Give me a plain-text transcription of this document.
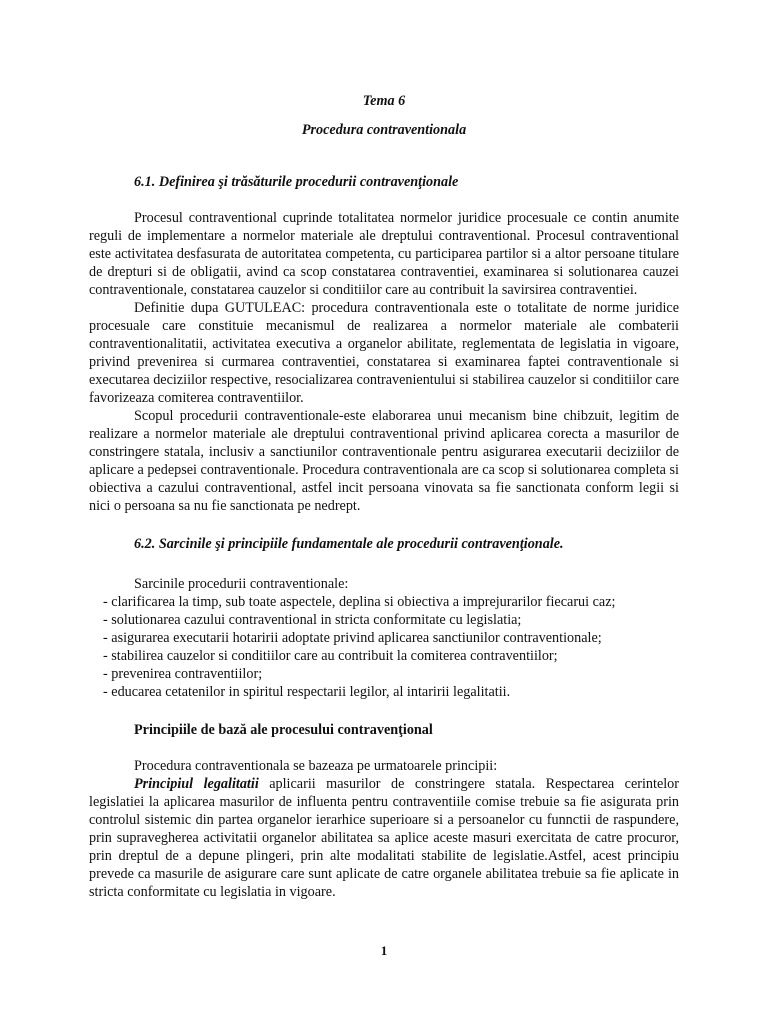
Tema 6

Procedura contraventionala

6.1. Definirea şi trăsăturile procedurii contravenţionale

Procesul contraventional cuprinde totalitatea normelor juridice procesuale ce contin anumite reguli de implementare a normelor materiale ale dreptului contraventional. Procesul contraventional este activitatea desfasurata de autoritatea competenta, cu participarea partilor si a altor persoane titulare de drepturi si de obligatii, avind ca scop constatarea contraventiei, examinarea si solutionarea cauzei contraventionale, constatarea cauzelor si conditiilor care au contribuit la savirsirea contraventiei.

Definitie dupa GUTULEAC: procedura contraventionala este o totalitate de norme juridice procesuale care constituie mecanismul de realizarea a normelor materiale ale combaterii contraventionalitatii, activitatea executiva a organelor abilitate, reglementata de legislatia in vigoare, privind prevenirea si curmarea contraventiei, constatarea si examinarea faptei contraventionale si executarea deciziilor respective, resocializarea contravenientului si stabilirea cauzelor si conditiilor care favorizeaza comiterea contraventiilor.

Scopul procedurii contraventionale-este elaborarea unui mecanism bine chibzuit, legitim de realizare a normelor materiale ale dreptului contraventional privind aplicarea corecta a masurilor de constringere statala, inclusiv a sanctiunilor contraventionale pentru asigurarea executarii deciziilor de aplicare a pedepsei contraventionale. Procedura contraventionala are ca scop si solutionarea completa si obiectiva a cazului contraventional, astfel incit persoana vinovata sa fie sanctionata conform legii si nici o persoana sa nu fie sanctionata pe nedrept.

6.2. Sarcinile şi principiile fundamentale ale procedurii contravenţionale.

Sarcinile procedurii contraventionale:

- clarificarea la timp, sub toate aspectele, deplina si obiectiva a imprejurarilor fiecarui caz;
- solutionarea cazului contraventional in stricta conformitate cu legislatia;
- asigurarea executarii hotaririi adoptate privind aplicarea sanctiunilor contraventionale;
- stabilirea cauzelor si conditiilor care au contribuit la comiterea contraventiilor;
- prevenirea contraventiilor;
- educarea cetatenilor in spiritul respectarii legilor, al intaririi legalitatii.

Principiile de bază ale procesului contravenţional

Procedura contraventionala se bazeaza pe urmatoarele principii:

Principiul legalitatii aplicarii masurilor de constringere statala. Respectarea cerintelor legislatiei la aplicarea masurilor de influenta pentru contraventiile comise trebuie sa fie asigurata prin controlul sistemic din partea organelor ierarhice superioare si a persoanelor cu funnctii de raspundere, prin supravegherea activitatii organelor abilitatea sa aplice aceste masuri exercitata de catre procuror, prin dreptul de a depune plingeri, prin alte modalitati stabilite de legislatie.Astfel, acest principiu prevede ca masurile de asigurare care sunt aplicate de catre organele abilitatea trebuie sa fie aplicate in stricta conformitate cu legislatia in vigoare.

1
